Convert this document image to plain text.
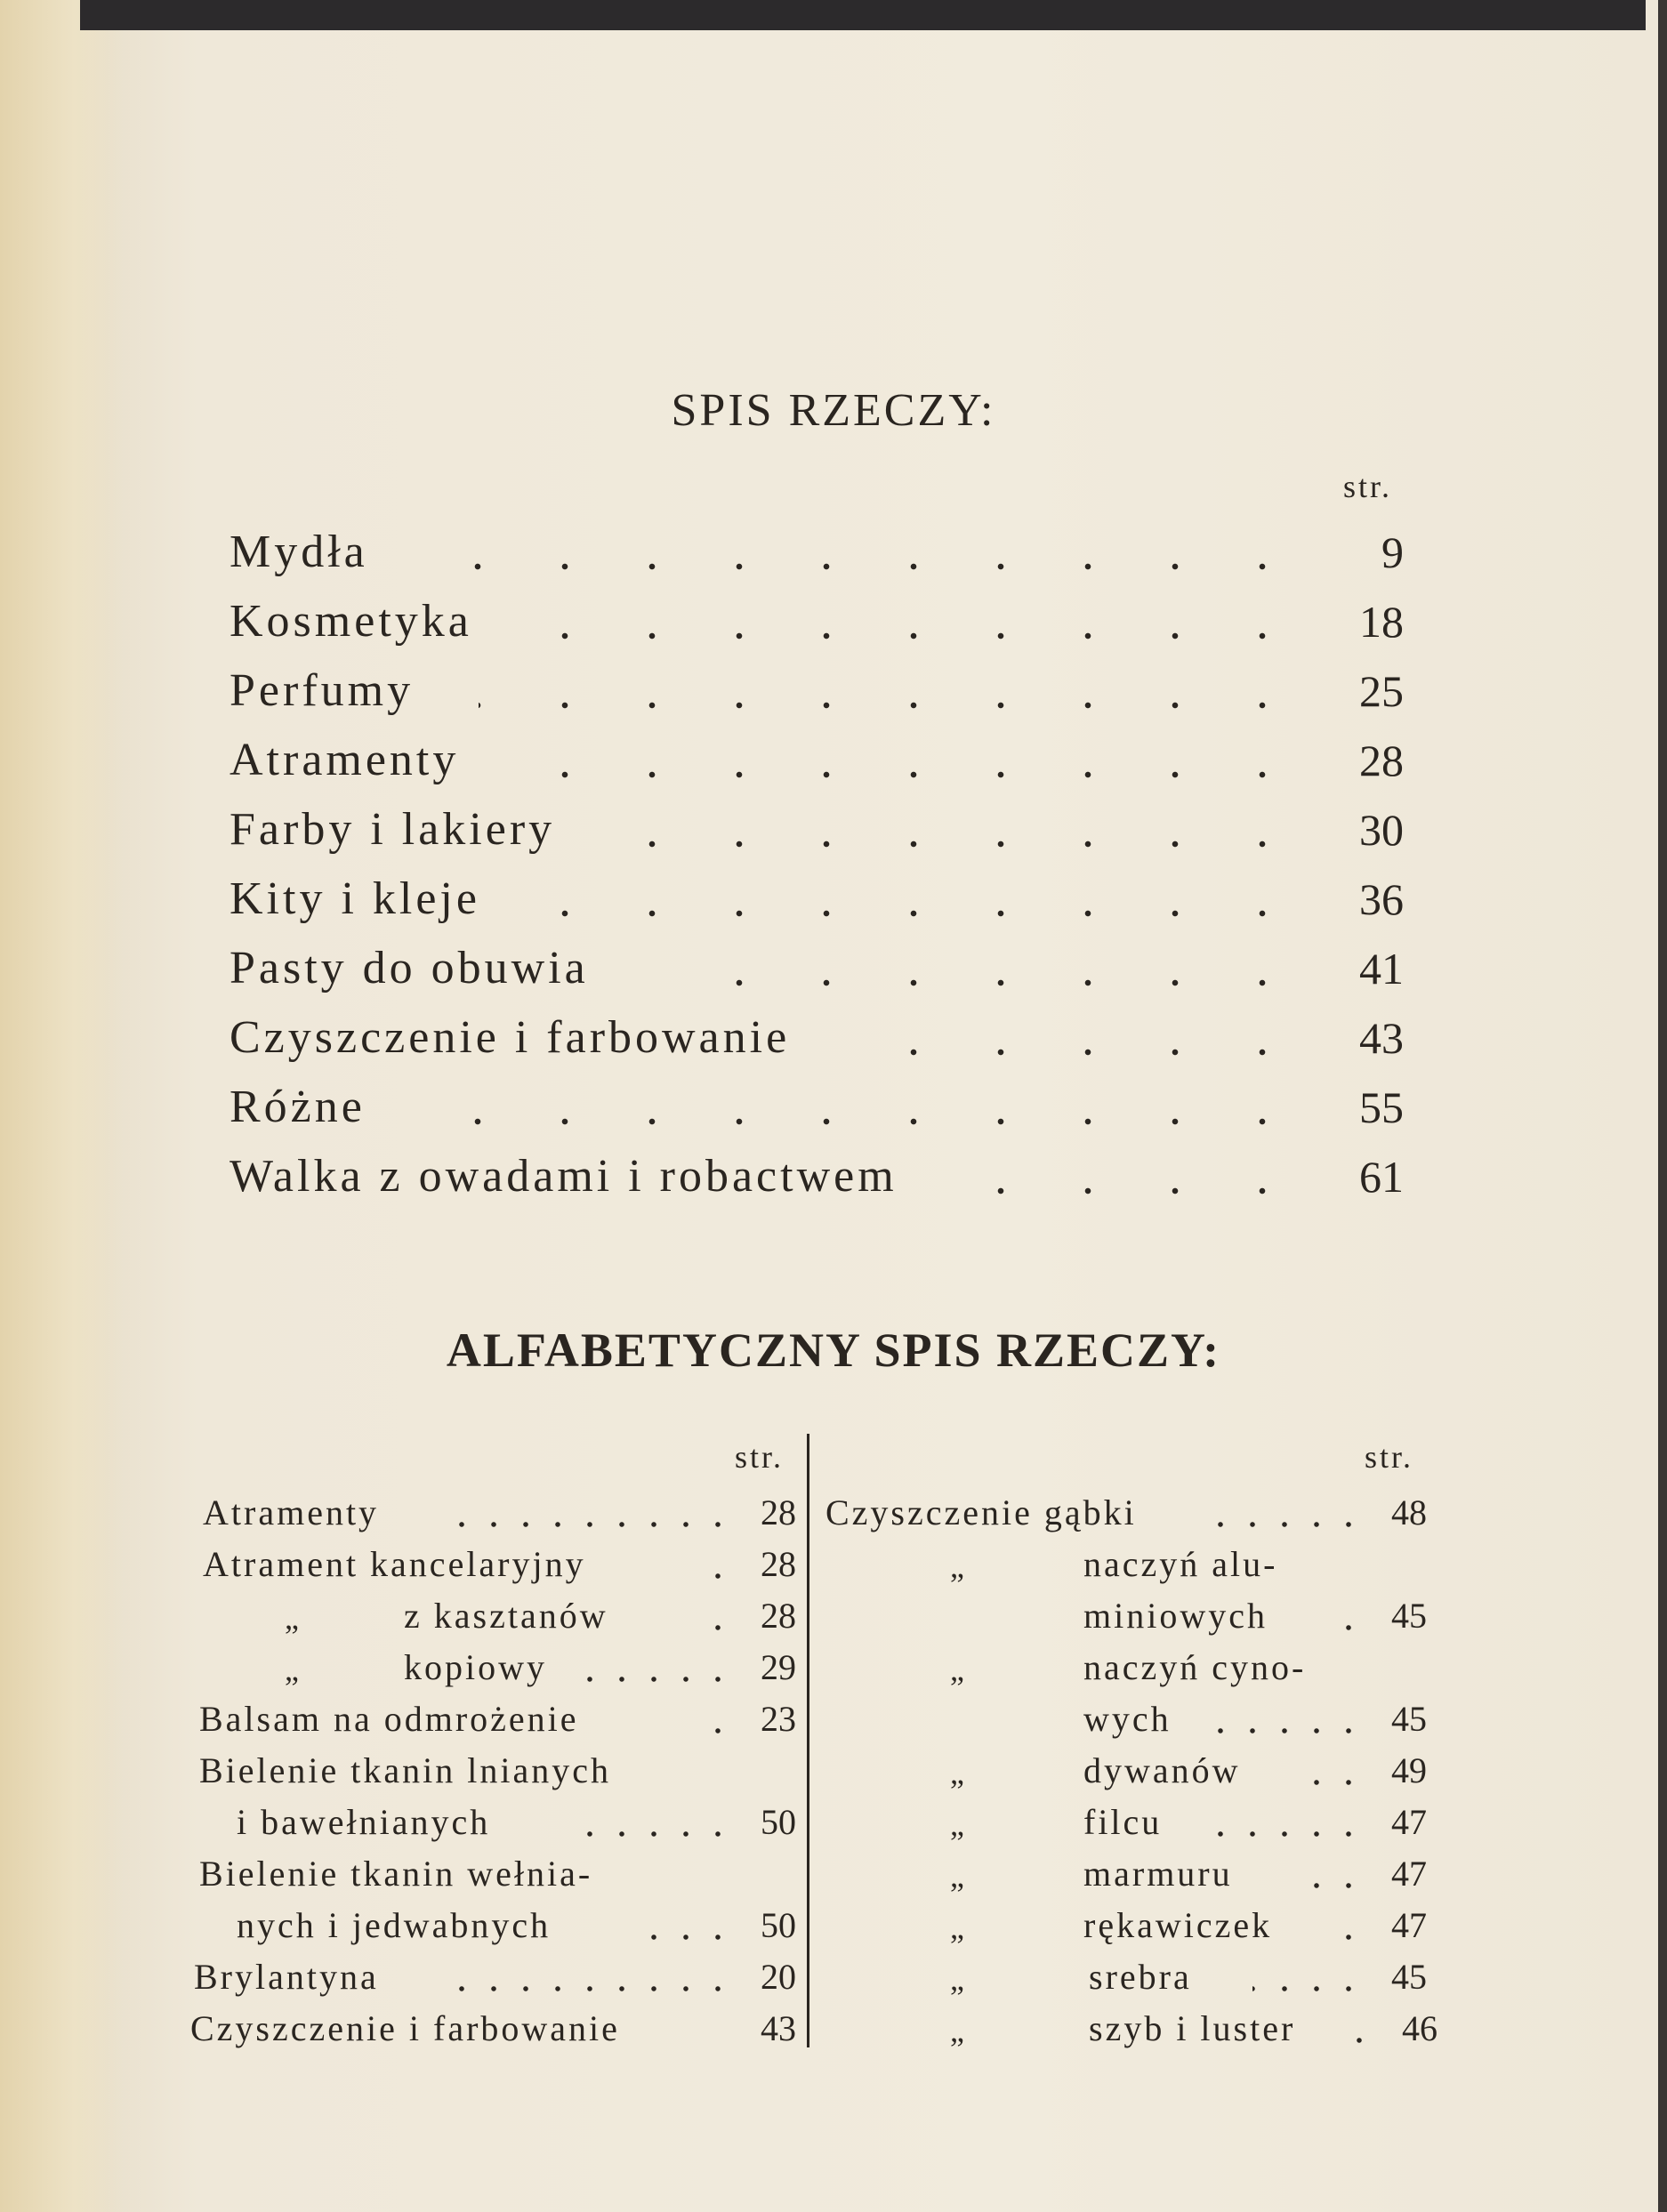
SPIS RZECZY:
str.
Mydła	9
Kosmetyka	18
Perfumy	25
Atramenty	28
Farby i lakiery	30
Kity i kleje	36
Pasty do obuwia	41
Czyszczenie i farbowanie	43
Różne	55
Walka z owadami i robactwem	61
ALFABETYCZNY SPIS RZECZY:
str.	str.
Atramenty	28
Atrament kancelaryjny	28
„	z kasztanów	28
„	kopiowy	29
Balsam na odmrożenie	23
Bielenie tkanin lnianych
i bawełnianych	50
Bielenie tkanin wełnia-
nych i jedwabnych	50
Brylantyna	20
Czyszczenie i farbowanie	43
Czyszczenie gąbki	48
„	naczyń alu-
miniowych	45
„	naczyń cyno-
wych	45
„	dywanów	49
„	filcu	47
„	marmuru	47
„	rękawiczek	47
„	srebra	45
„	szyb i luster	46
